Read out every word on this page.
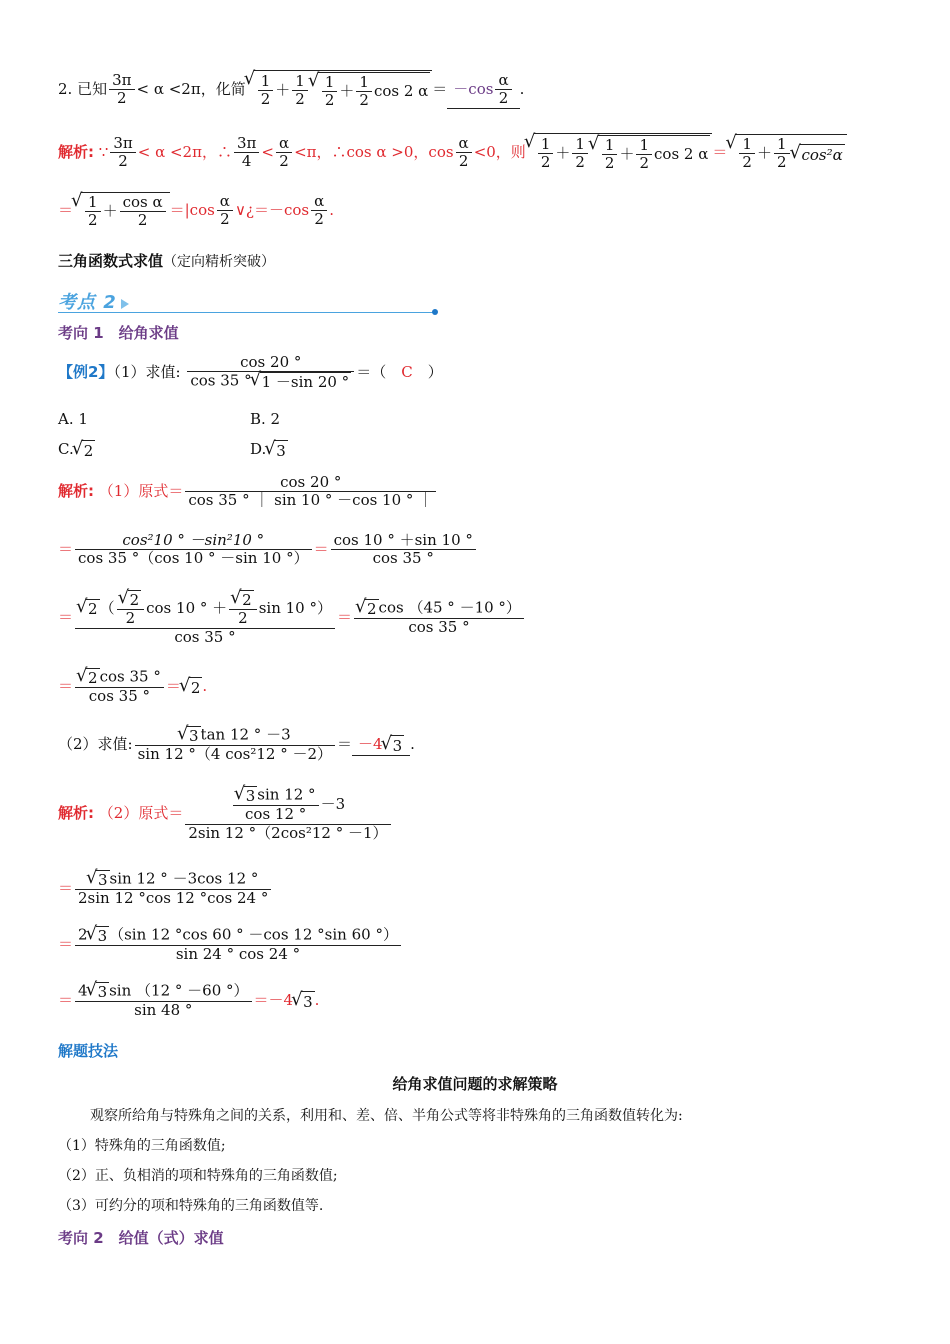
2. 已知 $\frac{3\pi}{2} < \alpha <2\pi$，化简
√ $\frac{1}{2} + \frac{1}{2}$
√ $\frac{1}{2} + \frac{1}{2}$ cos 2 $\alpha = -\cos \frac{\alpha}{2}$ .
解析: ∵ $\frac{3\pi}{2} < \alpha <2\pi$，∴ $\frac{3\pi}{4} < \frac{\alpha}{2} <\pi$，∴cos α >0，$\cos \frac{\alpha}{2} <0$，则
√ $\frac{1}{2} + \frac{1}{2}$
√ $\frac{1}{2} + \frac{1}{2}$ cos 2 α ＝
√ $\frac{1}{2} + \frac{1}{2}$
√ cos²α
＝
√ $\frac{1}{2} + \frac{\text{cos α}}{2} =|\cos \frac{\alpha}{2}$ ∨¿＝－cos $\frac{\alpha}{2}$ .
三角函数式求值（定向精析突破）
考点 2
考向 1　给角求值
【例2】（1）求值: $\frac{\cos 20 ^\circ}{\cos 35 ^\circ√ 1 -\sin 20 ^\circ}$ ＝（　 C　 ）
A. 1	B. 2
C.√ 2	D.√ 3
解析: （1）原式＝ $\frac{\cos 20 ^\circ}{\cos 35 ^\circ | \sin 10 ^\circ -\cos 10 ^\circ |}$
＝ $\frac{\text{cos²10 ° －sin²10 °}}{\cos 35 ^\circ(\cos 10 ^\circ -\sin 10 ^\circ)} = \frac{\cos 10 ^\circ +\sin 10 ^\circ}{\cos 35 ^\circ}$
＝
√ 2 （
√ $\frac{2}{2}$ cos 10 ° ＋
√ $\frac{2}{2}$ sin 10 °）
cos 35 ° ＝
√ $\frac{2 \cos (45 ^\circ -10 ^\circ)}{\cos 35 ^\circ}$
＝
√ $\frac{2 \cos 35 ^\circ}{\cos 35 ^\circ}$ ＝√ 2 .
（2）求值:
√ $\frac{3 \tan 12 ^\circ -3}{\text{sin 12 °（4 cos²12 ° －2）}} = -4√$ 3 .
解析: （2）原式＝
√ $\frac{\frac{3 \sin 12 ^\circ}{\cos 12 ^\circ} -3}{\text{2sin 12 °（2cos²12 ° －1）}}$
＝
√ $\frac{3 \sin 12 ^\circ -3\cos 12 ^\circ}{2\sin 12 ^\circ\cos 12 ^\circ\cos 24 ^\circ}$
＝ $\frac{2√ 3 (\sin 12 ^\circ\cos 60 ^\circ -\cos 12 ^\circ\sin 60 ^\circ)}{\sin 24 ^\circ \cos 24 ^\circ}$
＝ $\frac{4√ 3 \sin (12 ^\circ -60 ^\circ)}{\sin 48 ^\circ} =-4√$ 3 .
解题技法
给角求值问题的求解策略
观察所给角与特殊角之间的关系，利用和、差、倍、半角公式等将非特殊角的三角函数值转化为:
（1）特殊角的三角函数值;
（2）正、负相消的项和特殊角的三角函数值;
（3）可约分的项和特殊角的三角函数值等.
考向 2　给值（式）求值
